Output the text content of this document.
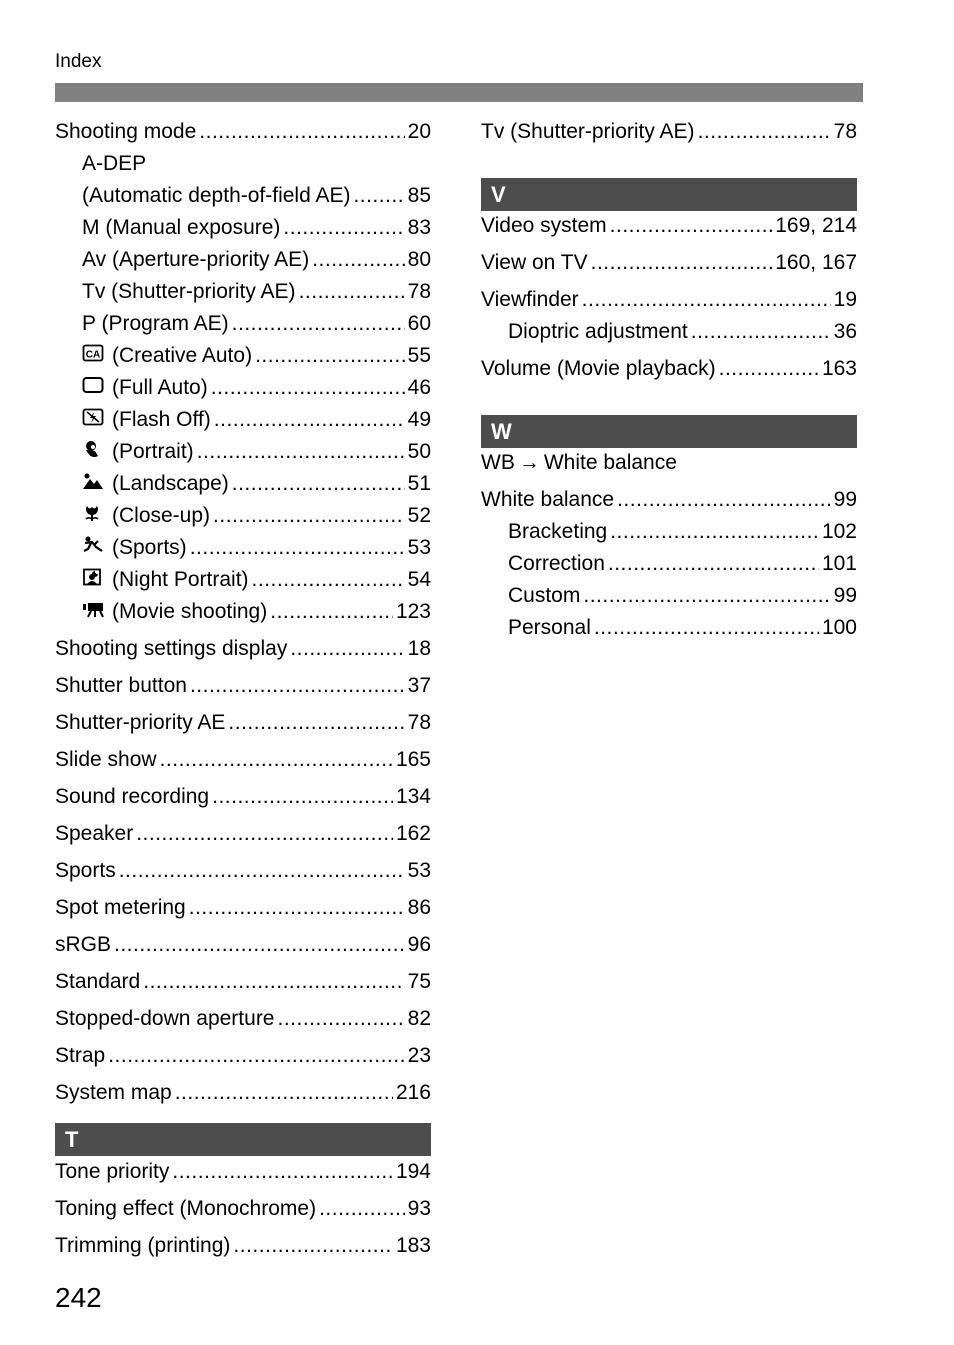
Index
Shooting mode .....	20
A-DEP
(Automatic depth-of-field AE) .....	85
M (Manual exposure) .....	83
Av (Aperture-priority AE) .....	80
Tv (Shutter-priority AE) .....	78
P (Program AE) .....	60
CA (Creative Auto) .....	55
(Full Auto) .....	46
(Flash Off) .....	49
(Portrait) .....	50
(Landscape) .....	51
(Close-up) .....	52
(Sports) .....	53
(Night Portrait) .....	54
(Movie shooting) .....	123
Shooting settings display .....	18
Shutter button .....	37
Shutter-priority AE .....	78
Slide show .....	165
Sound recording .....	134
Speaker .....	162
Sports .....	53
Spot metering .....	86
sRGB .....	96
Standard .....	75
Stopped-down aperture .....	82
Strap .....	23
System map .....	216
T
Tone priority .....	194
Toning effect (Monochrome) .....	93
Trimming (printing) .....	183
Tv (Shutter-priority AE) .....	78
V
Video system .....	169, 214
View on TV .....	160, 167
Viewfinder .....	19
Dioptric adjustment .....	36
Volume (Movie playback) .....	163
W
WB → White balance
White balance .....	99
Bracketing .....	102
Correction .....	101
Custom .....	99
Personal .....	100
242
